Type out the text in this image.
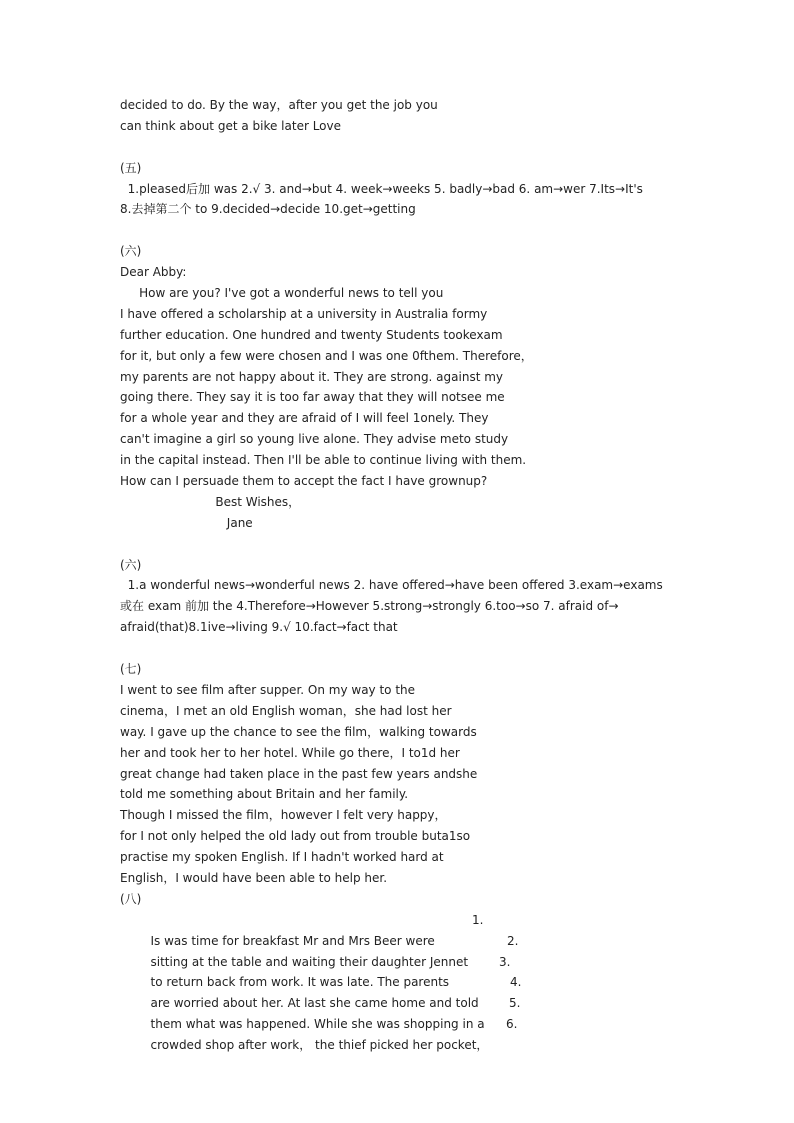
decided to do. By the way，after you get the job you
can think about get a bike later Love
(五)
1.pleased后加 was 2.√ 3. and→but 4. week→weeks 5. badly→bad 6. am→wer 7.Its→It's
8.去掉第二个 to 9.decided→decide 10.get→getting
(六)
Dear Abby:
How are you? I've got a wonderful news to tell you
I have offered a scholarship at a university in Australia formy
further education. One hundred and twenty Students tookexam
for it, but only a few were chosen and I was one 0fthem. Therefore，
my parents are not happy about it. They are strong. against my
going there. They say it is too far away that they will notsee me
for a whole year and they are afraid of I will feel 1onely. They
can't imagine a girl so young live alone. They advise meto study
in the capital instead. Then I'll be able to continue living with them.
How can I persuade them to accept the fact I have grownup?
Best Wishes，
Jane
(六)
1.a wonderful news→wonderful news 2. have offered→have been offered 3.exam→exams
或在 exam 前加 the 4.Therefore→However 5.strong→strongly 6.too→so 7. afraid of→
afraid(that)8.1ive→living 9.√ 10.fact→fact that
(七)
I went to see film after supper. On my way to the
cinema，I met an old English woman，she had lost her
way. I gave up the chance to see the film，walking towards
her and took her to her hotel. While go there，I to1d her
great change had taken place in the past few years andshe
told me something about Britain and her family.
Though I missed the film，however I felt very happy，
for I not only helped the old lady out from trouble buta1so
practise my spoken English. If I hadn't worked hard at
English，I would have been able to help her.
(八)

Is was time for breakfast Mr and Mrs Beer were

1.

sitting at the table and waiting their daughter Jennet

2.

to return back from work. It was late. The parents

3.

are worried about her. At last she came home and told

4.

them what was happened. While she was shopping in a

5.

crowded shop after work， the thief picked her pocket，

6.
